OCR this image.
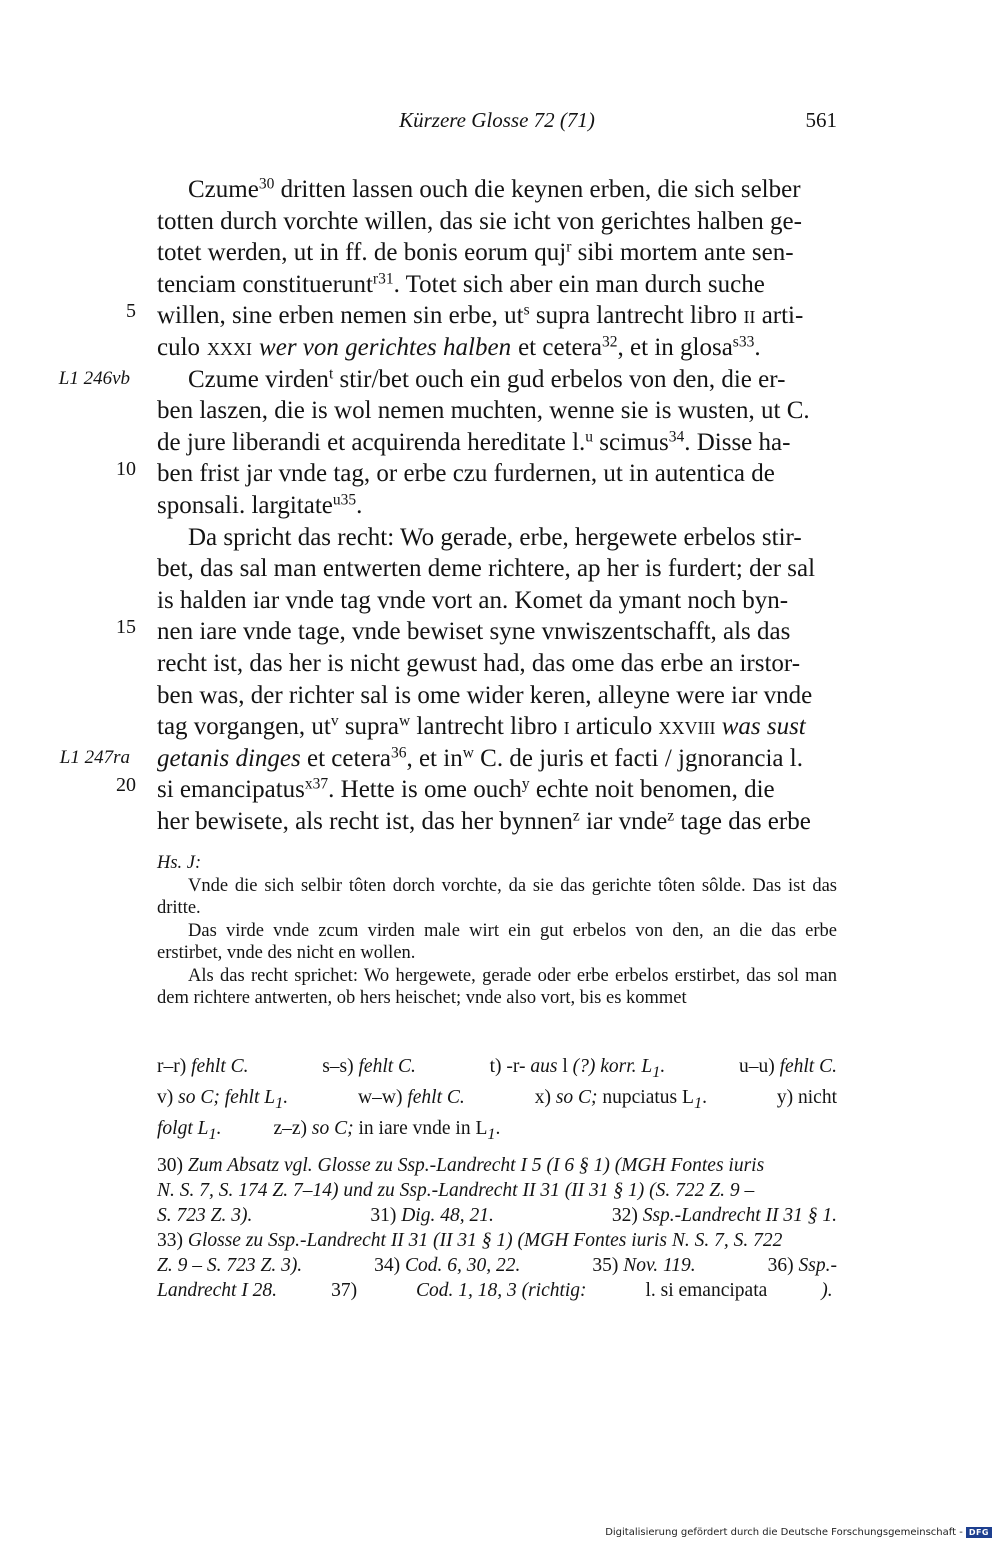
Kürzere Glosse 72 (71)	561
5
10
15
20
L1 246vb
L1 247ra
Czume$^{30}$ dritten lassen ouch die keynen erben, die sich selber
totten durch vorchte willen, das sie icht von gerichtes halben ge-
totet werden, ut in ff. de bonis eorum quj$^r$ sibi mortem ante sen-
tenciam constituerunt$^{r31}$. Totet sich aber ein man durch suche
willen, sine erben nemen sin erbe, $ut^s$ supra lantrecht libro ii arti-
culo xxxi wer von gerichtes halben et cetera$^{32}$, et in glosa$^{s33}$.
Czume virden$^t$ stir/bet ouch ein gud erbelos von den, die er-
ben laszen, die is wol nemen muchten, wenne sie is wusten, ut C.
de jure liberandi et acquirenda hereditate l.$^u$ scimus$^{34}$. Disse ha-
ben frist jar vnde tag, or erbe czu furdernen, ut in autentica de
sponsali. largitate$^{u35}$.
Da spricht das recht: Wo gerade, erbe, hergewete erbelos stir-
bet, das sal man entwerten deme richtere, ap her is furdert; der sal
is halden iar vnde tag vnde vort an. Komet da ymant noch byn-
nen iare vnde tage, vnde bewiset syne vnwiszentschafft, als das
recht ist, das her is nicht gewust had, das ome das erbe an irstor-
ben was, der richter sal is ome wider keren, alleyne were iar vnde
tag vorgangen, $ut^v$ supra$^w$ lantrecht libro i articulo xxviii was sust
getanis dinges et cetera$^{36}$, et $in^w$ C. de juris et facti / jgnorancia l.
si emancipatus$^{x37}$. Hette is ome ouch$^y$ echte noit benomen, die
her bewisete, als recht ist, das her bynnen$^z$ iar vnde$^z$ tage das erbe
Hs. J:

Vnde die sich selbir tôten dorch vorchte, da sie das gerichte tôten sôlde. Das ist das dritte.

Das virde vnde zcum virden male wirt ein gut erbelos von den, an die das erbe erstirbet, vnde des nicht en wollen.

Als das recht sprichet: Wo hergewete, gerade oder erbe erbelos erstirbet, das sol man dem richtere antwerten, ob hers heischet; vnde also vort, bis es kommet

r–r) fehlt C.	s–s) fehlt C.	t) -r- aus l (?) korr. $L_1$.	u–u) fehlt C.
v) so C; fehlt $L_1$.	w–w) fehlt C.	x) so C; nupciatus $L_1$.	y) nicht
folgt $L_1$.	z–z) so C; in iare vnde in $L_1$.
30) Zum Absatz vgl. Glosse zu Ssp.-Landrecht I 5 (I 6 § 1) (MGH Fontes iuris
N. S. 7, S. 174 Z. 7–14) und zu Ssp.-Landrecht II 31 (II 31 § 1) (S. 722 Z. 9 –
S. 723 Z. 3).	31) Dig. 48, 21.	32) Ssp.-Landrecht II 31 § 1.
33) Glosse zu Ssp.-Landrecht II 31 (II 31 § 1) (MGH Fontes iuris N. S. 7, S. 722
Z. 9 – S. 723 Z. 3).	34) Cod. 6, 30, 22.	35) Nov. 119.	36) Ssp.-
Landrecht I 28.	37)	Cod. 1, 18, 3 (richtig:	l. si emancipata	).
Digitalisierung gefördert durch die Deutsche Forschungsgemeinschaft - DFG
